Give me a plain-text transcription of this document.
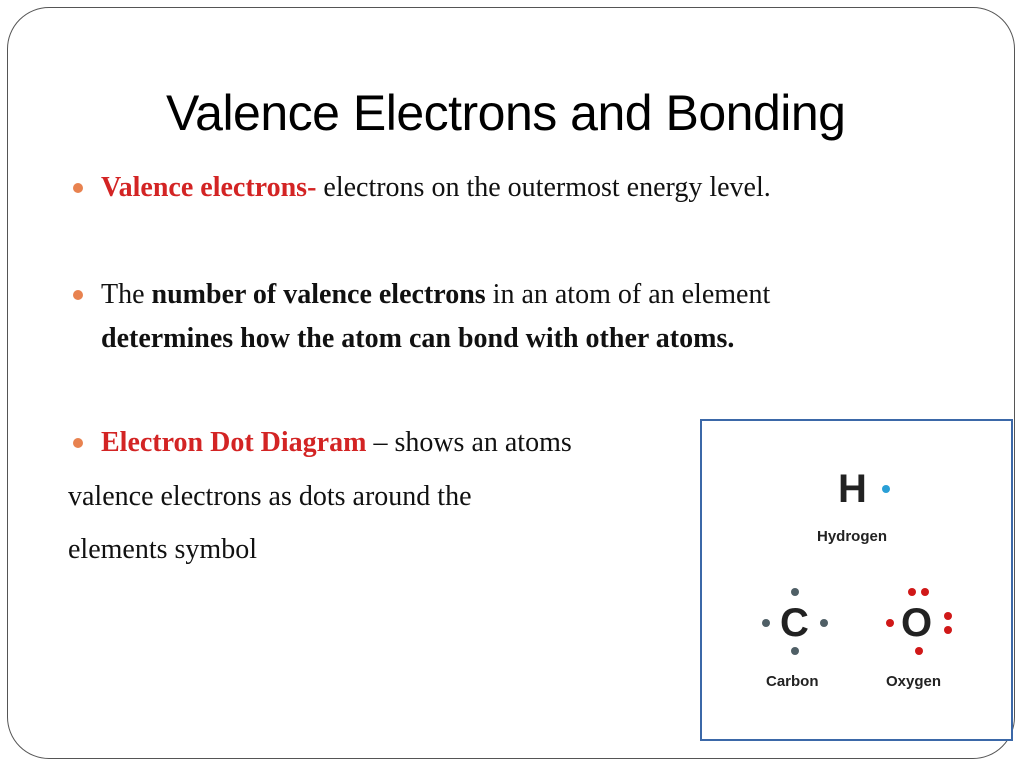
Valence Electrons and Bonding
Valence electrons- electrons on the outermost energy level.
The number of valence electrons in an atom of an element
determines how the atom can bond with other atoms.
Electron Dot Diagram – shows an atoms
valence electrons as dots around the
elements symbol
H
Hydrogen
C
Carbon
O
Oxygen
